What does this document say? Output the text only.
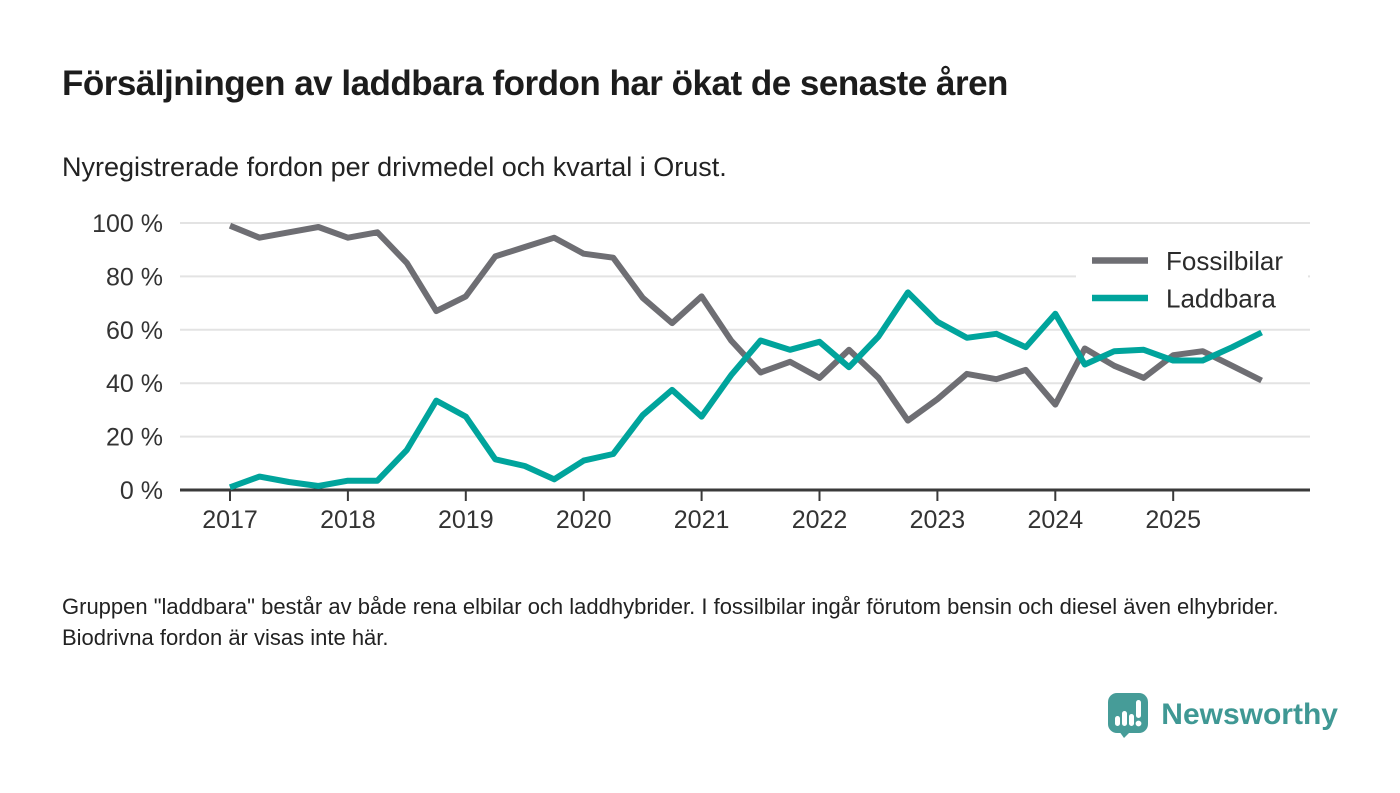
Försäljningen av laddbara fordon har ökat de senaste åren
Nyregistrerade fordon per drivmedel och kvartal i Orust.
0 %
20 %
40 %
60 %
80 %
100 %
2017 2018 2019 2020 2021 2022 2023 2024 2025
Fossilbilar
Laddbara
Gruppen "laddbara" består av både rena elbilar och laddhybrider. I fossilbilar ingår förutom bensin och diesel även elhybrider. Biodrivna fordon är visas inte här.
Newsworthy
